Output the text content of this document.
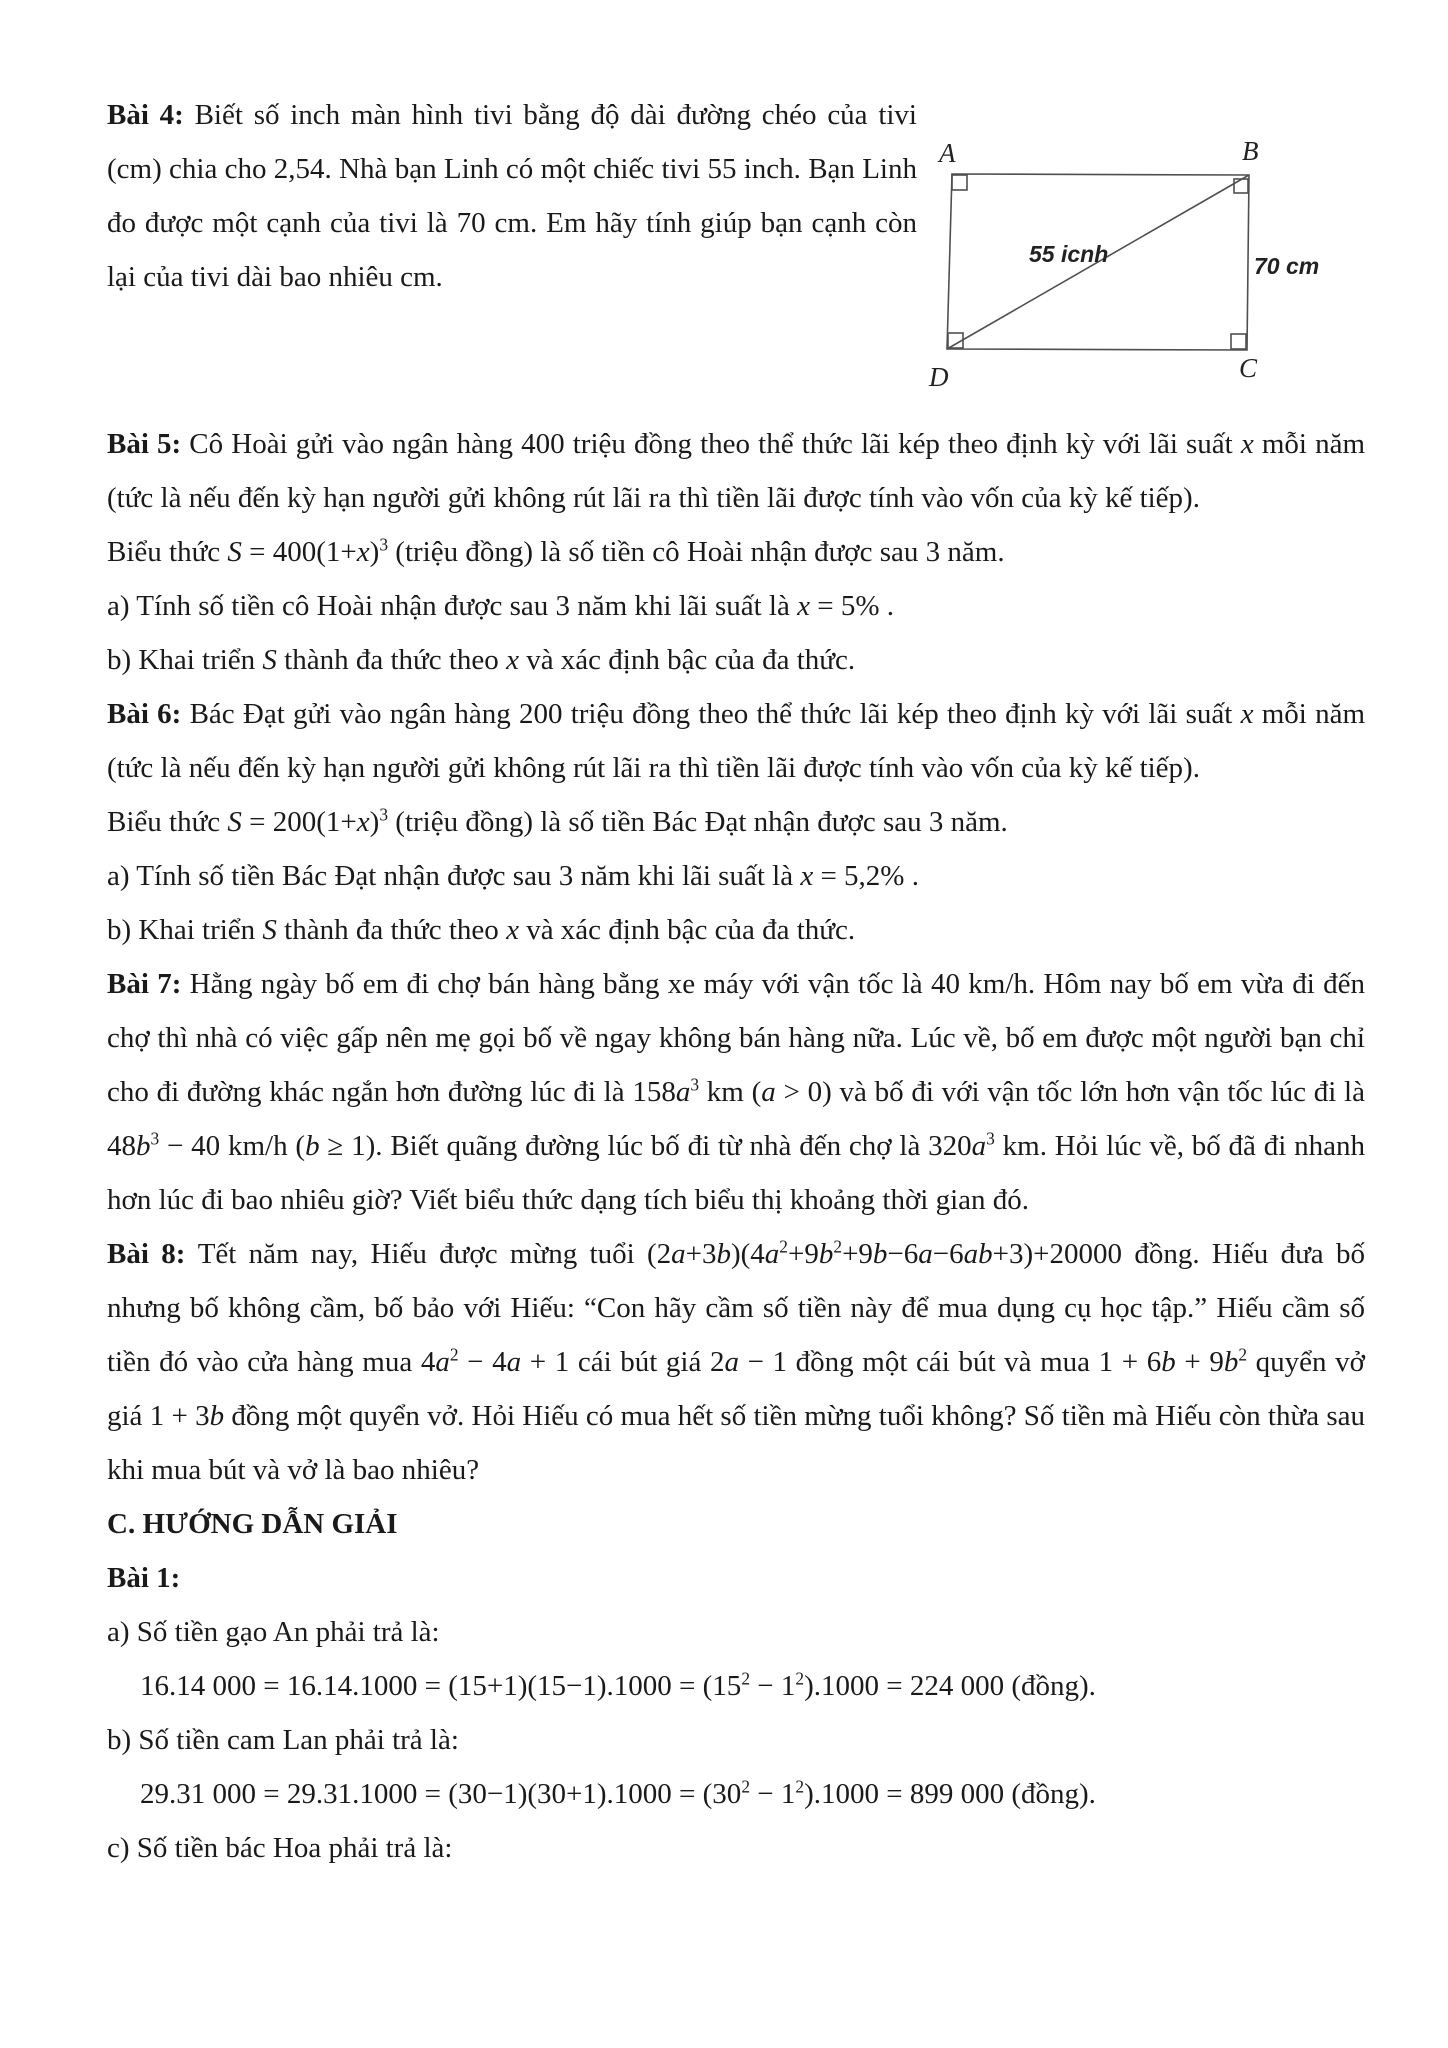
Bài 4: Biết số inch màn hình tivi bằng độ dài đường chéo của tivi (cm) chia cho 2,54. Nhà bạn Linh có một chiếc tivi 55 inch. Bạn Linh đo được một cạnh của tivi là 70 cm. Em hãy tính giúp bạn cạnh còn lại của tivi dài bao nhiêu cm.

A	B
C
D
55 icnh	70 cm

Bài 5: Cô Hoài gửi vào ngân hàng 400 triệu đồng theo thể thức lãi kép theo định kỳ với lãi suất x mỗi năm (tức là nếu đến kỳ hạn người gửi không rút lãi ra thì tiền lãi được tính vào vốn của kỳ kế tiếp).

Biểu thức $S = 400(1+x)^3$ (triệu đồng) là số tiền cô Hoài nhận được sau 3 năm.

a) Tính số tiền cô Hoài nhận được sau 3 năm khi lãi suất là x = 5% .

b) Khai triển S thành đa thức theo x và xác định bậc của đa thức.

Bài 6: Bác Đạt gửi vào ngân hàng 200 triệu đồng theo thể thức lãi kép theo định kỳ với lãi suất x mỗi năm (tức là nếu đến kỳ hạn người gửi không rút lãi ra thì tiền lãi được tính vào vốn của kỳ kế tiếp).

Biểu thức $S = 200(1+x)^3$ (triệu đồng) là số tiền Bác Đạt nhận được sau 3 năm.

a) Tính số tiền Bác Đạt nhận được sau 3 năm khi lãi suất là x = 5,2% .

b) Khai triển S thành đa thức theo x và xác định bậc của đa thức.

Bài 7: Hằng ngày bố em đi chợ bán hàng bằng xe máy với vận tốc là 40 km/h. Hôm nay bố em vừa đi đến chợ thì nhà có việc gấp nên mẹ gọi bố về ngay không bán hàng nữa. Lúc về, bố em được một người bạn chỉ cho đi đường khác ngắn hơn đường lúc đi là $158a^3$ km (a > 0) và bố đi với vận tốc lớn hơn vận tốc lúc đi là $48b^3 - 40$ km/h (b ≥ 1). Biết quãng đường lúc bố đi từ nhà đến chợ là $320a^3$ km. Hỏi lúc về, bố đã đi nhanh hơn lúc đi bao nhiêu giờ? Viết biểu thức dạng tích biểu thị khoảng thời gian đó.

Bài 8: Tết năm nay, Hiếu được mừng tuổi $(2a+3b)(4a^2+9b^2+9b-6a-6ab+3)+20000$ đồng. Hiếu đưa bố nhưng bố không cầm, bố bảo với Hiếu: “Con hãy cầm số tiền này để mua dụng cụ học tập.” Hiếu cầm số tiền đó vào cửa hàng mua $4a^2 - 4a + 1$ cái bút giá 2a − 1 đồng một cái bút và mua $1 + 6b + 9b^2$ quyển vở giá 1 + 3b đồng một quyển vở. Hỏi Hiếu có mua hết số tiền mừng tuổi không? Số tiền mà Hiếu còn thừa sau khi mua bút và vở là bao nhiêu?

C. HƯỚNG DẪN GIẢI

Bài 1:

a) Số tiền gạo An phải trả là:

16.14 $000 = 16.14.1000 = (15+1)(15-1).1000 = (15^2 - 1^2).1000 = 224$ 000 (đồng).

b) Số tiền cam Lan phải trả là:

29.31 $000 = 29.31.1000 = (30-1)(30+1).1000 = (30^2 - 1^2).1000 = 899$ 000 (đồng).

c) Số tiền bác Hoa phải trả là:
